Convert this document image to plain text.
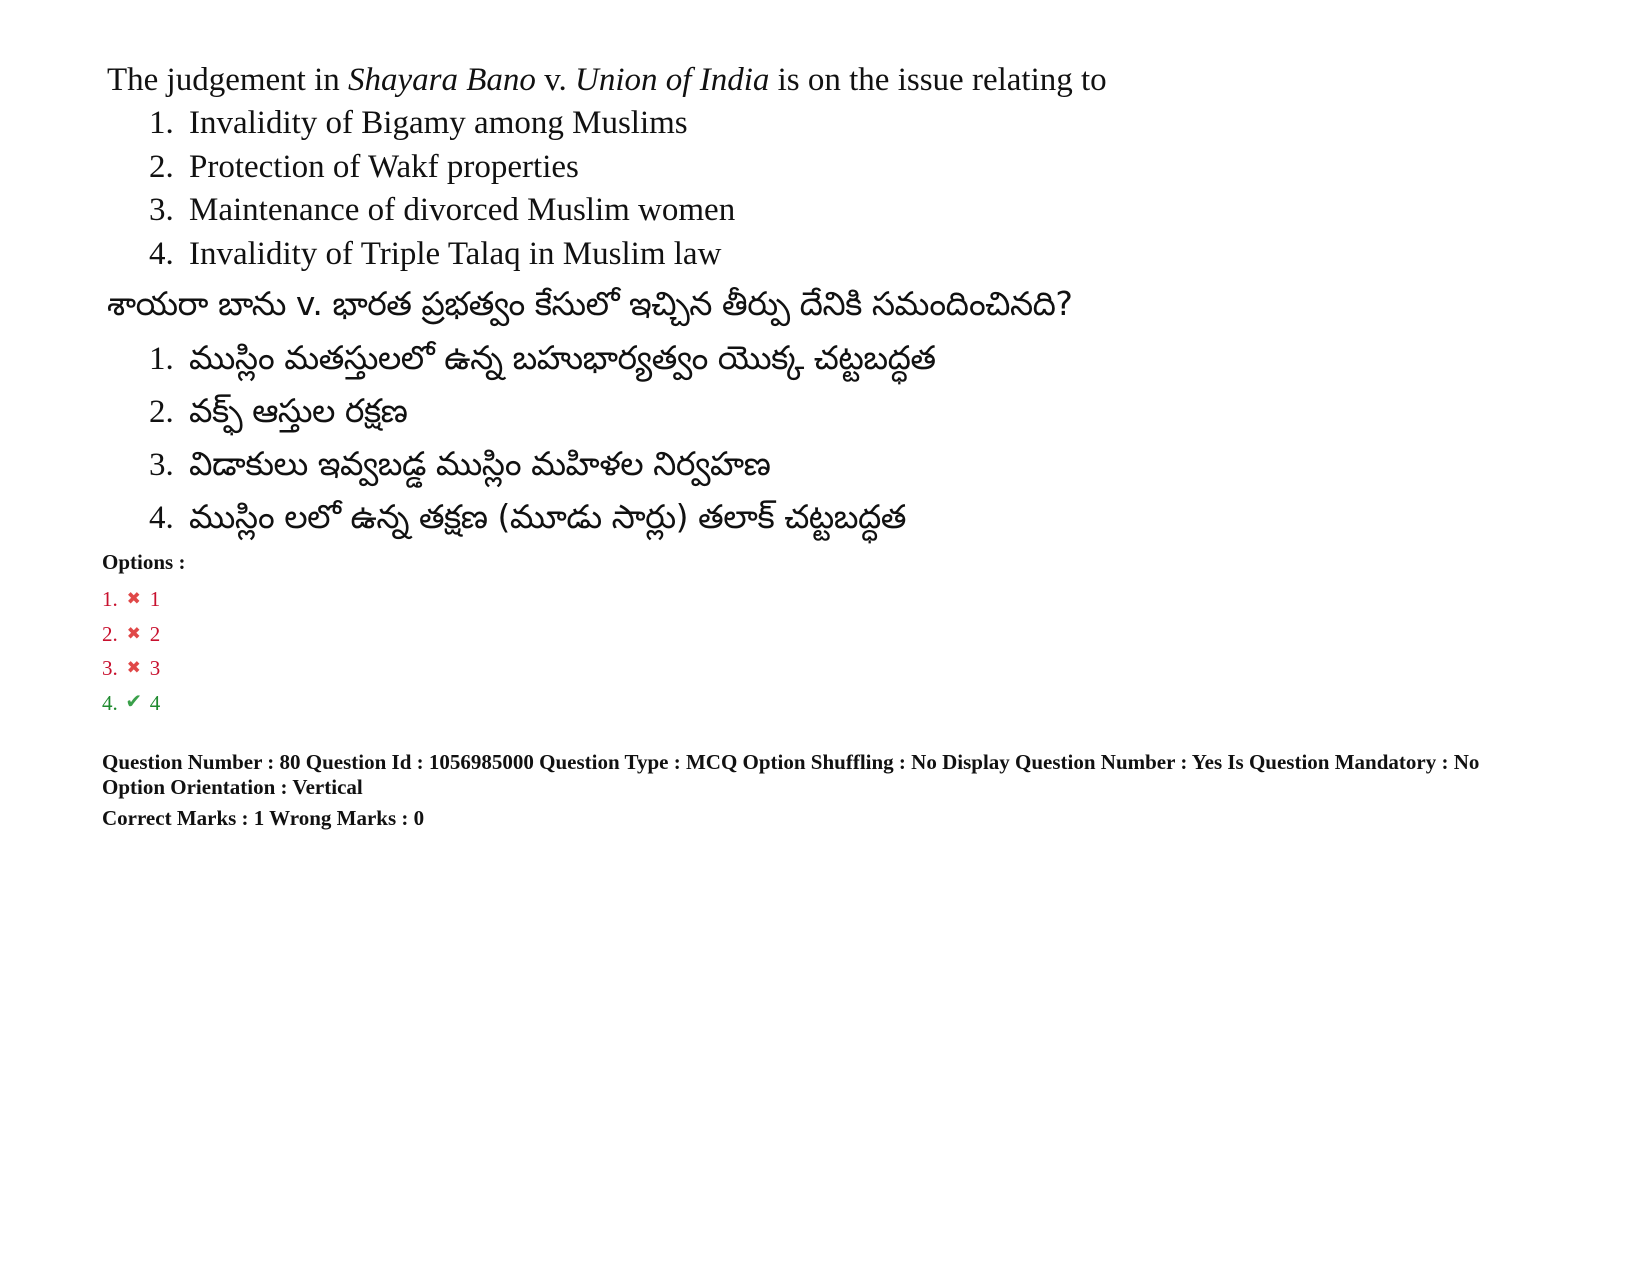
The judgement in Shayara Bano v. Union of India is on the issue relating to

1. Invalidity of Bigamy among Muslims
2. Protection of Wakf properties
3. Maintenance of divorced Muslim women
4. Invalidity of Triple Talaq in Muslim law

శాయరా బాను v. భారత ప్రభత్వం కేసులో ఇచ్చిన తీర్పు దేనికి సమందించినది?

1. ముస్లిం మతస్తులలో ఉన్న బహుభార్యత్వం యొక్క చట్టబద్ధత
2. వక్ఫ్ ఆస్తుల రక్షణ
3. విడాకులు ఇవ్వబడ్డ ముస్లిం మహిళల నిర్వహణ
4. ముస్లిం లలో ఉన్న తక్షణ (మూడు సార్లు) తలాక్ చట్టబద్ధత
Options :
1. ✖ 1
2. ✖ 2
3. ✖ 3
4. ✔ 4
Question Number : 80 Question Id : 1056985000 Question Type : MCQ Option Shuffling : No Display Question Number : Yes Is Question Mandatory : No
Option Orientation : Vertical
Correct Marks : 1 Wrong Marks : 0
